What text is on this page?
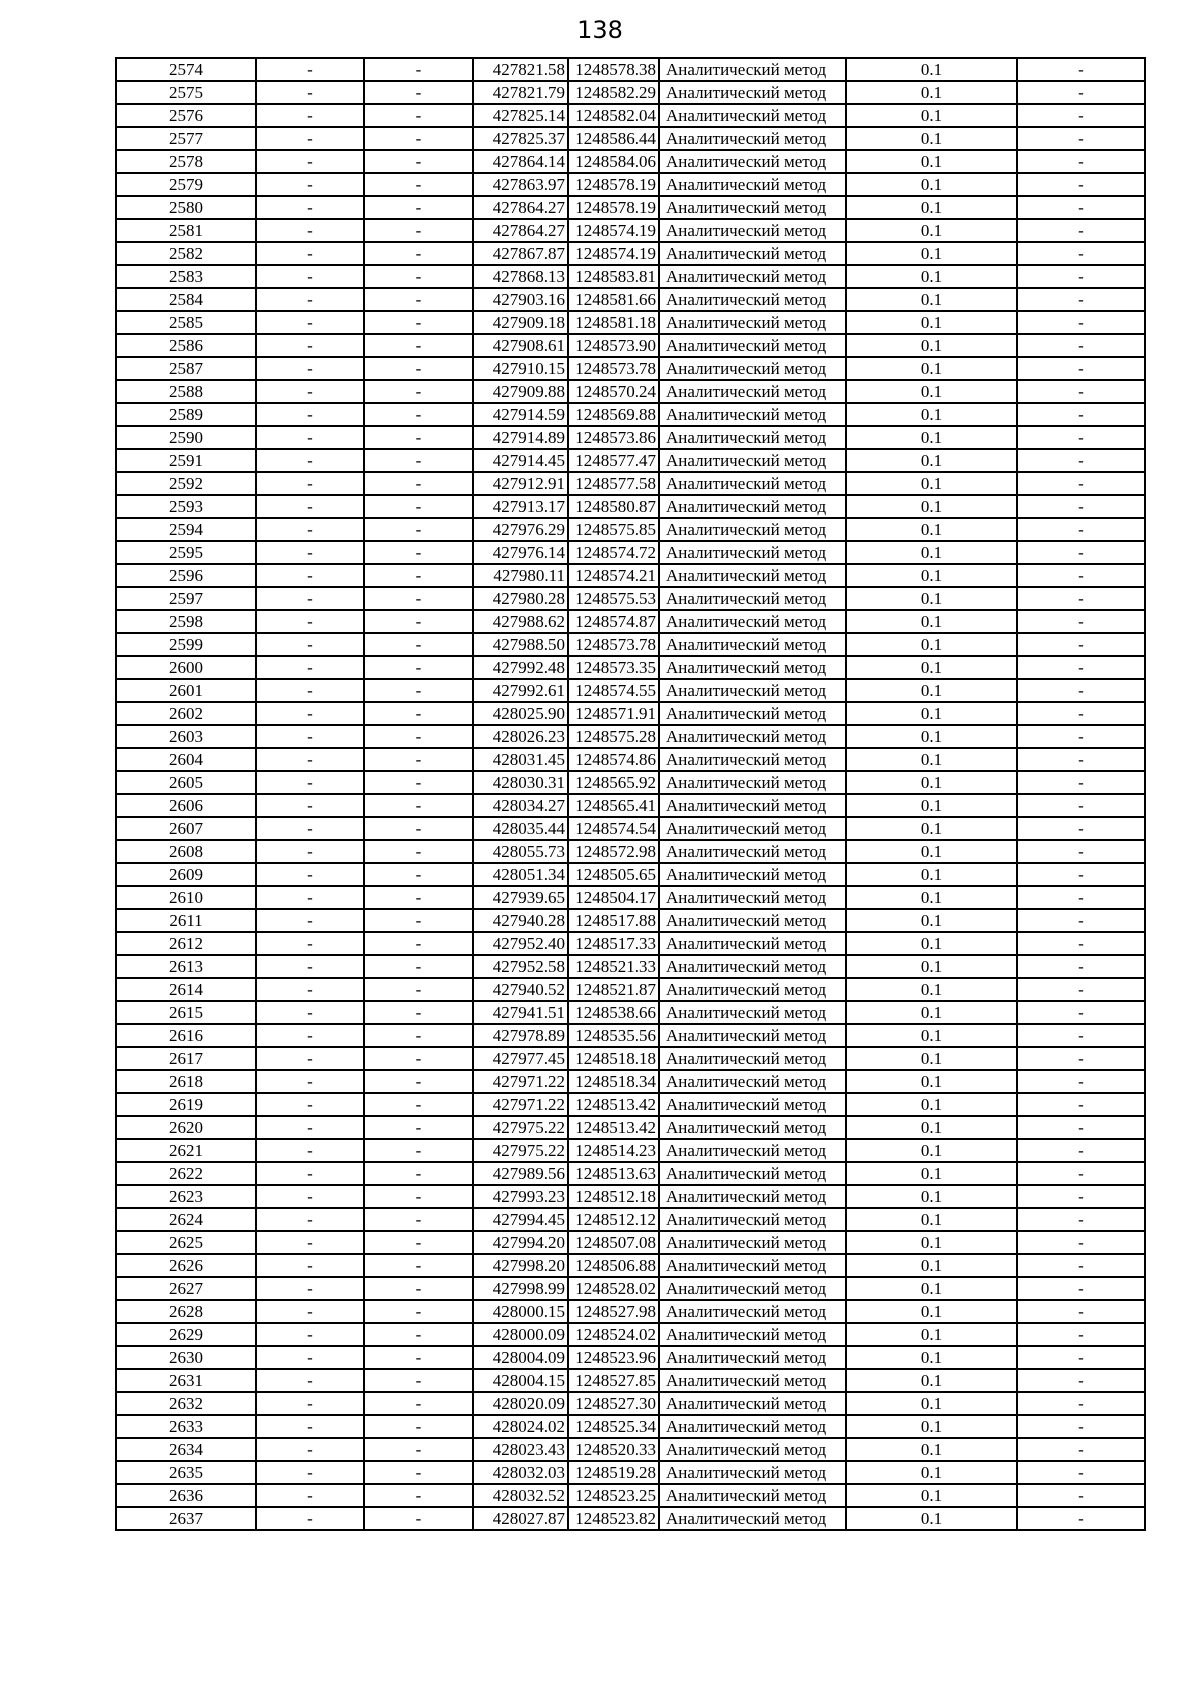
138
2574	-	-	427821.58	1248578.38	Аналитический метод	0.1	-
2575	-	-	427821.79	1248582.29	Аналитический метод	0.1	-
2576	-	-	427825.14	1248582.04	Аналитический метод	0.1	-
2577	-	-	427825.37	1248586.44	Аналитический метод	0.1	-
2578	-	-	427864.14	1248584.06	Аналитический метод	0.1	-
2579	-	-	427863.97	1248578.19	Аналитический метод	0.1	-
2580	-	-	427864.27	1248578.19	Аналитический метод	0.1	-
2581	-	-	427864.27	1248574.19	Аналитический метод	0.1	-
2582	-	-	427867.87	1248574.19	Аналитический метод	0.1	-
2583	-	-	427868.13	1248583.81	Аналитический метод	0.1	-
2584	-	-	427903.16	1248581.66	Аналитический метод	0.1	-
2585	-	-	427909.18	1248581.18	Аналитический метод	0.1	-
2586	-	-	427908.61	1248573.90	Аналитический метод	0.1	-
2587	-	-	427910.15	1248573.78	Аналитический метод	0.1	-
2588	-	-	427909.88	1248570.24	Аналитический метод	0.1	-
2589	-	-	427914.59	1248569.88	Аналитический метод	0.1	-
2590	-	-	427914.89	1248573.86	Аналитический метод	0.1	-
2591	-	-	427914.45	1248577.47	Аналитический метод	0.1	-
2592	-	-	427912.91	1248577.58	Аналитический метод	0.1	-
2593	-	-	427913.17	1248580.87	Аналитический метод	0.1	-
2594	-	-	427976.29	1248575.85	Аналитический метод	0.1	-
2595	-	-	427976.14	1248574.72	Аналитический метод	0.1	-
2596	-	-	427980.11	1248574.21	Аналитический метод	0.1	-
2597	-	-	427980.28	1248575.53	Аналитический метод	0.1	-
2598	-	-	427988.62	1248574.87	Аналитический метод	0.1	-
2599	-	-	427988.50	1248573.78	Аналитический метод	0.1	-
2600	-	-	427992.48	1248573.35	Аналитический метод	0.1	-
2601	-	-	427992.61	1248574.55	Аналитический метод	0.1	-
2602	-	-	428025.90	1248571.91	Аналитический метод	0.1	-
2603	-	-	428026.23	1248575.28	Аналитический метод	0.1	-
2604	-	-	428031.45	1248574.86	Аналитический метод	0.1	-
2605	-	-	428030.31	1248565.92	Аналитический метод	0.1	-
2606	-	-	428034.27	1248565.41	Аналитический метод	0.1	-
2607	-	-	428035.44	1248574.54	Аналитический метод	0.1	-
2608	-	-	428055.73	1248572.98	Аналитический метод	0.1	-
2609	-	-	428051.34	1248505.65	Аналитический метод	0.1	-
2610	-	-	427939.65	1248504.17	Аналитический метод	0.1	-
2611	-	-	427940.28	1248517.88	Аналитический метод	0.1	-
2612	-	-	427952.40	1248517.33	Аналитический метод	0.1	-
2613	-	-	427952.58	1248521.33	Аналитический метод	0.1	-
2614	-	-	427940.52	1248521.87	Аналитический метод	0.1	-
2615	-	-	427941.51	1248538.66	Аналитический метод	0.1	-
2616	-	-	427978.89	1248535.56	Аналитический метод	0.1	-
2617	-	-	427977.45	1248518.18	Аналитический метод	0.1	-
2618	-	-	427971.22	1248518.34	Аналитический метод	0.1	-
2619	-	-	427971.22	1248513.42	Аналитический метод	0.1	-
2620	-	-	427975.22	1248513.42	Аналитический метод	0.1	-
2621	-	-	427975.22	1248514.23	Аналитический метод	0.1	-
2622	-	-	427989.56	1248513.63	Аналитический метод	0.1	-
2623	-	-	427993.23	1248512.18	Аналитический метод	0.1	-
2624	-	-	427994.45	1248512.12	Аналитический метод	0.1	-
2625	-	-	427994.20	1248507.08	Аналитический метод	0.1	-
2626	-	-	427998.20	1248506.88	Аналитический метод	0.1	-
2627	-	-	427998.99	1248528.02	Аналитический метод	0.1	-
2628	-	-	428000.15	1248527.98	Аналитический метод	0.1	-
2629	-	-	428000.09	1248524.02	Аналитический метод	0.1	-
2630	-	-	428004.09	1248523.96	Аналитический метод	0.1	-
2631	-	-	428004.15	1248527.85	Аналитический метод	0.1	-
2632	-	-	428020.09	1248527.30	Аналитический метод	0.1	-
2633	-	-	428024.02	1248525.34	Аналитический метод	0.1	-
2634	-	-	428023.43	1248520.33	Аналитический метод	0.1	-
2635	-	-	428032.03	1248519.28	Аналитический метод	0.1	-
2636	-	-	428032.52	1248523.25	Аналитический метод	0.1	-
2637	-	-	428027.87	1248523.82	Аналитический метод	0.1	-
